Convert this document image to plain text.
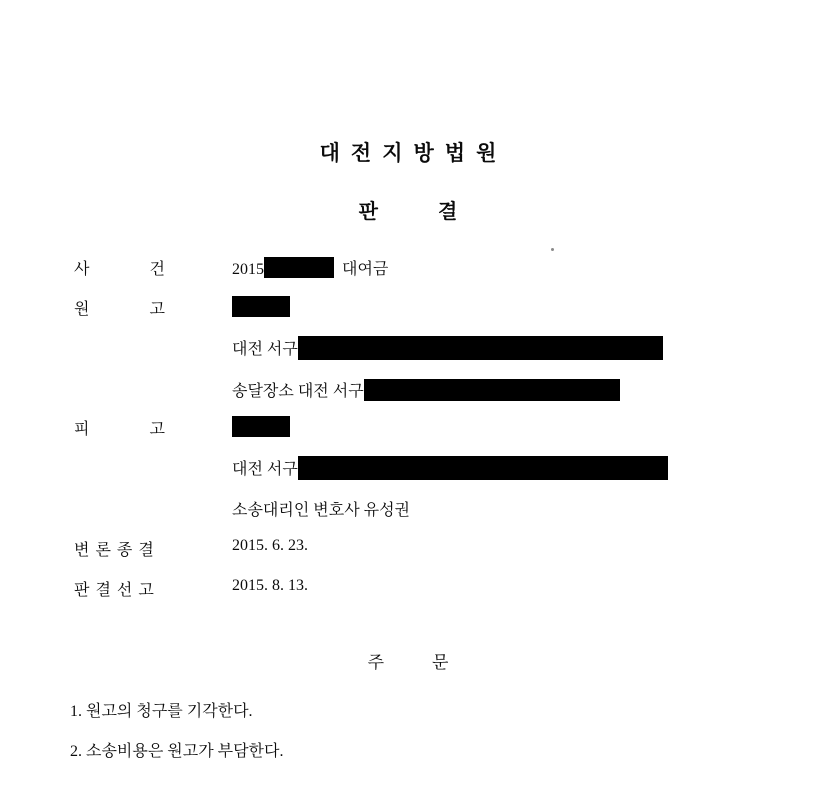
대전지방법원
판결
사 건	2015	대여금
원 고
대전 서구
송달장소 대전 서구
피 고
대전 서구
소송대리인 변호사 유성권
변론종결	2015. 6. 23.
판결선고	2015. 8. 13.
주문
1. 원고의 청구를 기각한다.
2. 소송비용은 원고가 부담한다.
